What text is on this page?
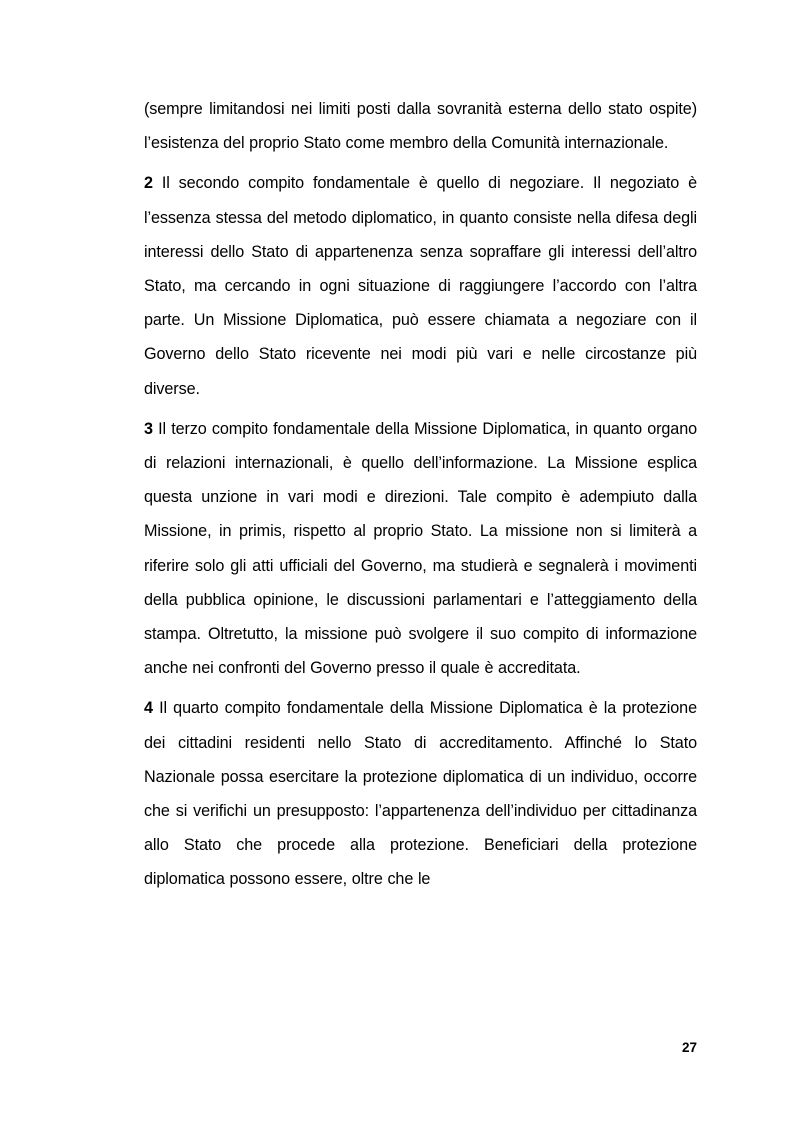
(sempre limitandosi nei limiti posti dalla sovranità esterna dello stato ospite) l’esistenza del proprio Stato come membro della Comunità internazionale.

2 Il secondo compito fondamentale è quello di negoziare. Il negoziato è l’essenza stessa del metodo diplomatico, in quanto consiste nella difesa degli interessi dello Stato di appartenenza senza sopraffare gli interessi dell’altro Stato, ma cercando in ogni situazione di raggiungere l’accordo con l’altra parte. Un Missione Diplomatica, può essere chiamata a negoziare con il Governo dello Stato ricevente nei modi più vari e nelle circostanze più diverse.

3 Il terzo compito fondamentale della Missione Diplomatica, in quanto organo di relazioni internazionali, è quello dell’informazione. La Missione esplica questa unzione in vari modi e direzioni. Tale compito è adempiuto dalla Missione, in primis, rispetto al proprio Stato. La missione non si limiterà a riferire solo gli atti ufficiali del Governo, ma studierà e segnalerà i movimenti della pubblica opinione, le discussioni parlamentari e l’atteggiamento della stampa. Oltretutto, la missione può svolgere il suo compito di informazione anche nei confronti del Governo presso il quale è accreditata.

4 Il quarto compito fondamentale della Missione Diplomatica è la protezione dei cittadini residenti nello Stato di accreditamento. Affinché lo Stato Nazionale possa esercitare la protezione diplomatica di un individuo, occorre che si verifichi un presupposto: l’appartenenza dell’individuo per cittadinanza allo Stato che procede alla protezione. Beneficiari della protezione diplomatica possono essere, oltre che le

27
